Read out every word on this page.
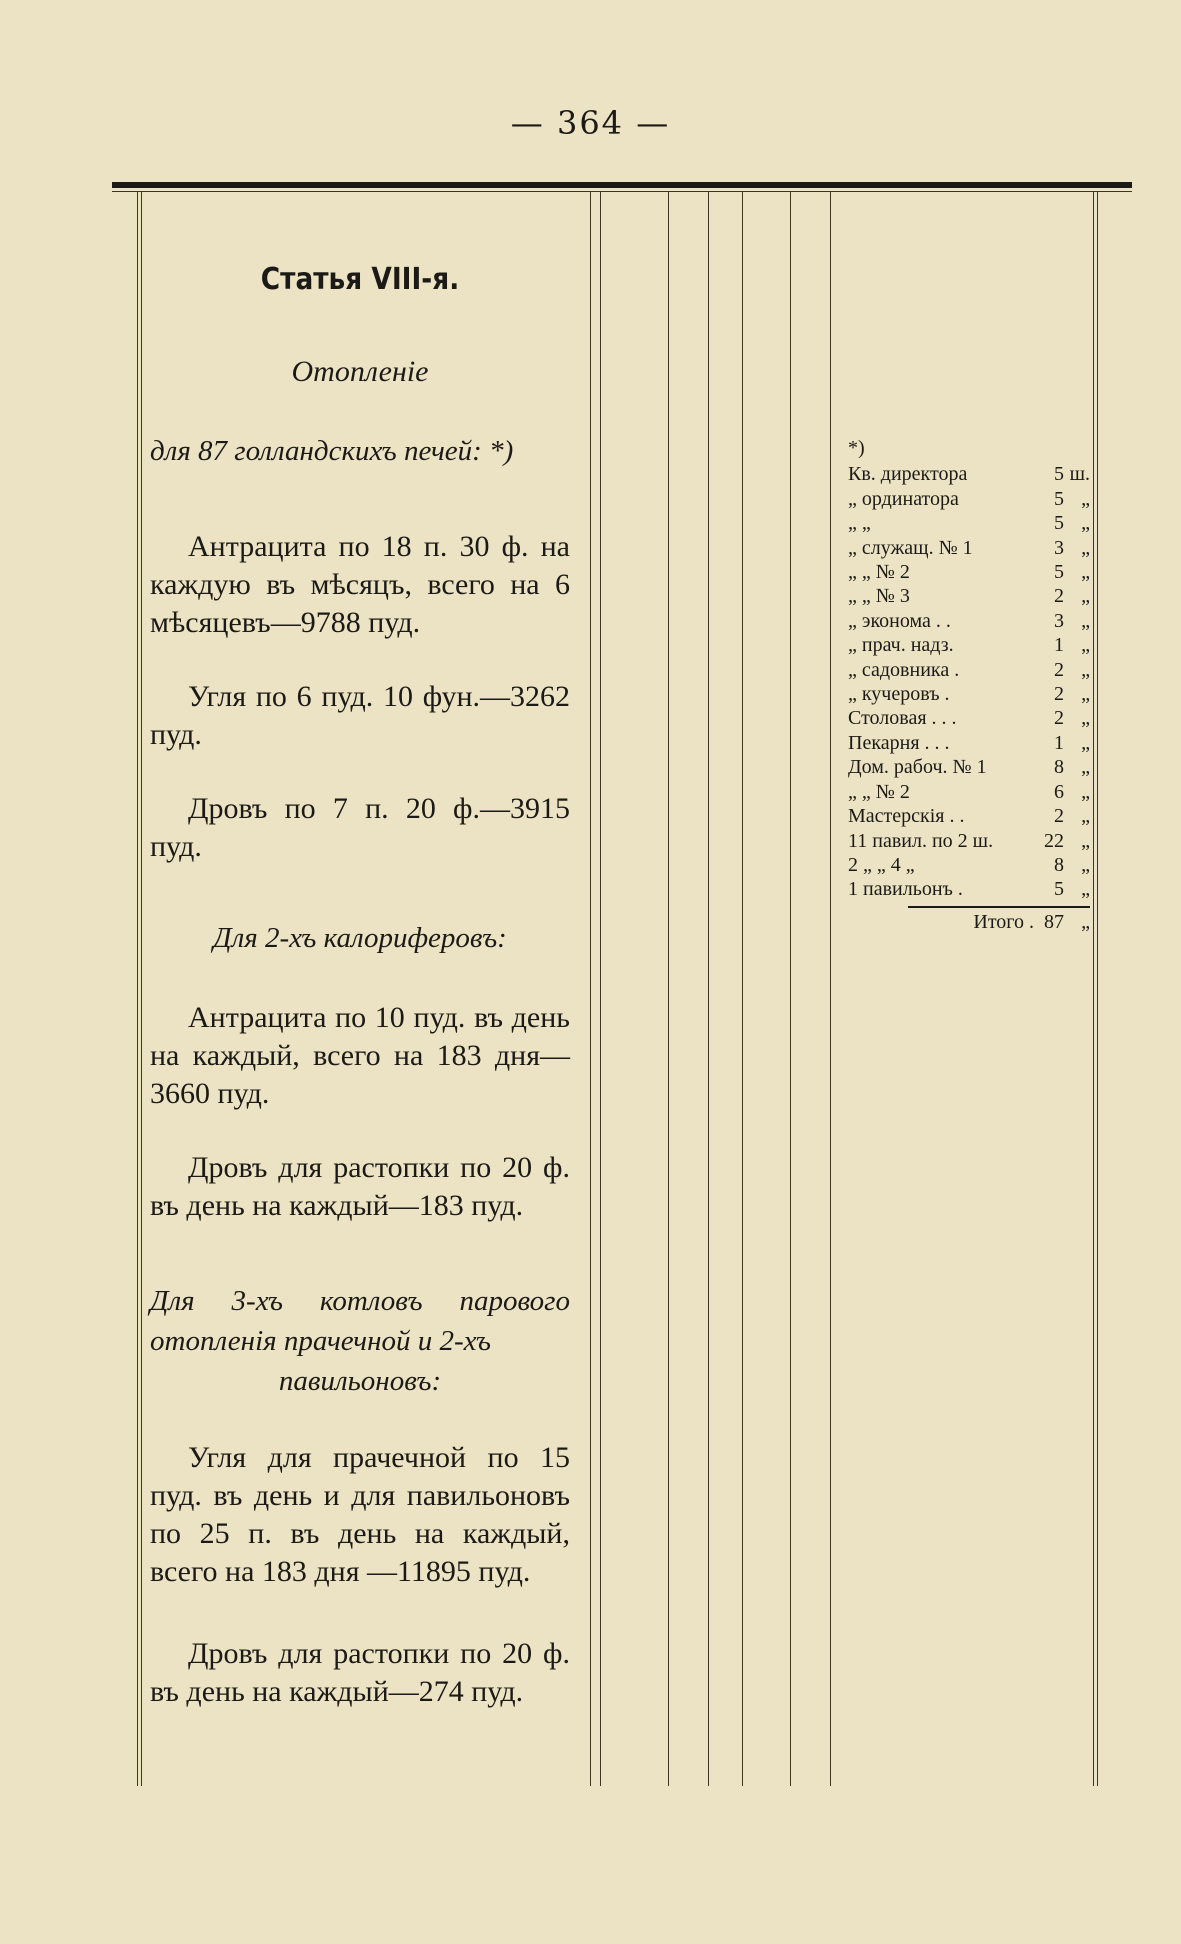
— 364 —
Статья VIII-я.
Отопленіе
для 87 голландскихъ печей: *)

Антрацита по 18 п. 30 ф. на каждую въ мѣсяцъ, всего на 6 мѣсяцевъ—9788 пуд.

Угля по 6 пуд. 10 фун.—3262 пуд.

Дровъ по 7 п. 20 ф.—3915 пуд.

Для 2-хъ калориферовъ:

Антрацита по 10 пуд. въ день на каждый, всего на 183 дня—3660 пуд.

Дровъ для растопки по 20 ф. въ день на каждый—183 пуд.

Для 3-хъ котловъ парового отопленія прачечной и 2-хъ
павильоновъ:

Угля для прачечной по 15 пуд. въ день и для павильоновъ по 25 п. въ день на каждый, всего на 183 дня —11895 пуд.

Дровъ для растопки по 20 ф. въ день на каждый—274 пуд.

*)
Кв. директора	5 ш.
„ ординатора	5 „
„ „	5 „
„ служащ. № 1	3 „
„ „ № 2	5 „
„ „ № 3	2 „
„ эконома . .	3 „
„ прач. надз.	1 „
„ садовника .	2 „
„ кучеровъ .	2 „
Столовая . . .	2 „
Пекарня . . .	1 „
Дом. рабоч. № 1	8 „
„ „ № 2	6 „
Мастерскія . .	2 „
11 павил. по 2 ш.	22 „
2 „ „ 4 „	8 „
1 павильонъ .	5 „
Итого . 87 „
